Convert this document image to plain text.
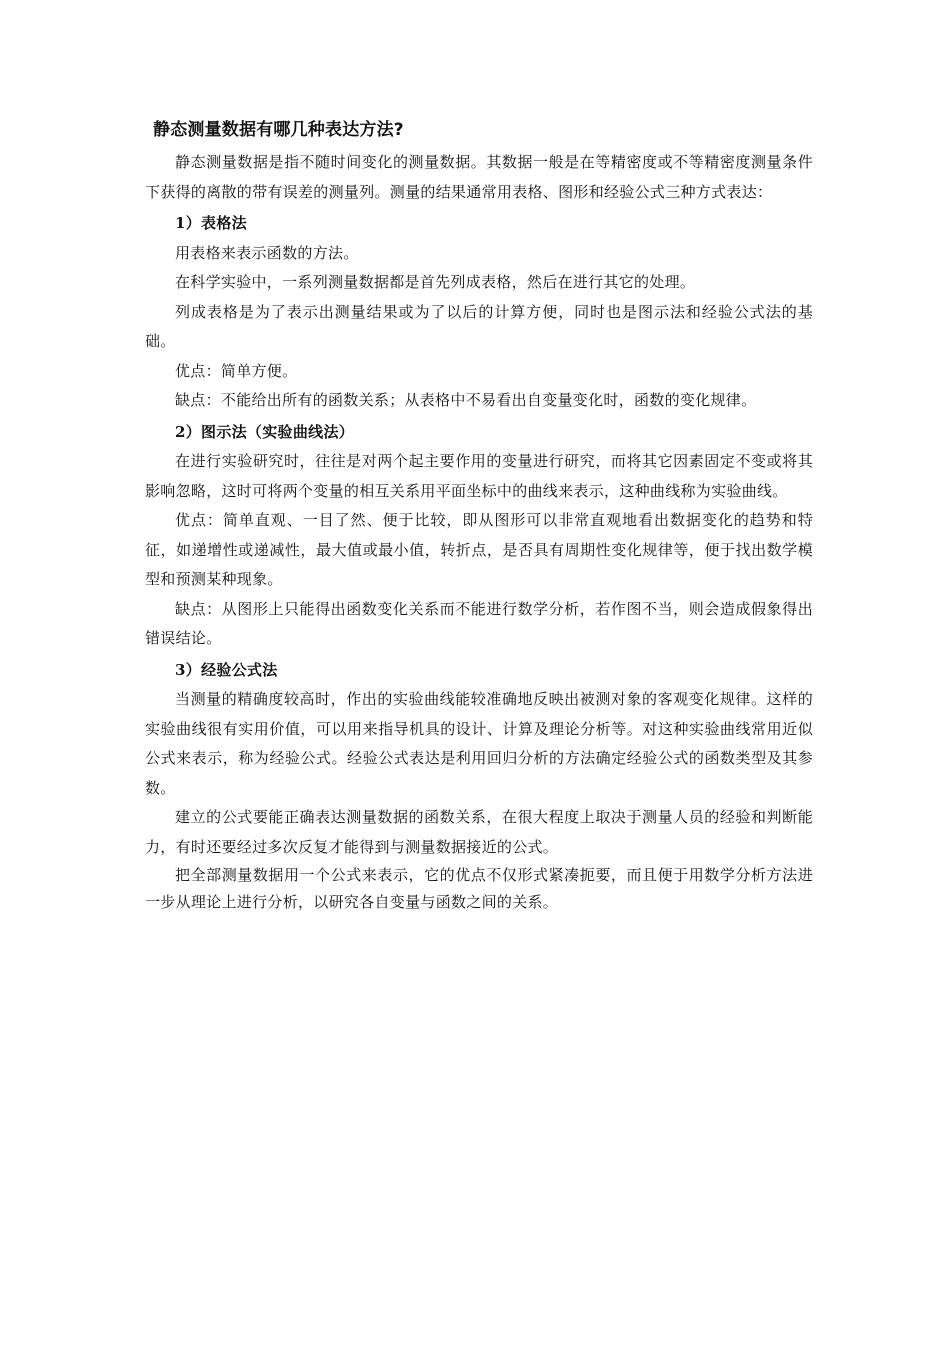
静态测量数据有哪几种表达方法?

静态测量数据是指不随时间变化的测量数据。其数据一般是在等精密度或不等精密度测量条件下获得的离散的带有误差的测量列。测量的结果通常用表格、图形和经验公式三种方式表达：

1）表格法

用表格来表示函数的方法。

在科学实验中，一系列测量数据都是首先列成表格，然后在进行其它的处理。

列成表格是为了表示出测量结果或为了以后的计算方便，同时也是图示法和经验公式法的基础。

优点：简单方便。

缺点：不能给出所有的函数关系；从表格中不易看出自变量变化时，函数的变化规律。

2）图示法（实验曲线法）

在进行实验研究时，往往是对两个起主要作用的变量进行研究，而将其它因素固定不变或将其影响忽略，这时可将两个变量的相互关系用平面坐标中的曲线来表示，这种曲线称为实验曲线。

优点：简单直观、一目了然、便于比较，即从图形可以非常直观地看出数据变化的趋势和特征，如递增性或递减性，最大值或最小值，转折点，是否具有周期性变化规律等，便于找出数学模型和预测某种现象。

缺点：从图形上只能得出函数变化关系而不能进行数学分析，若作图不当，则会造成假象得出错误结论。

3）经验公式法

当测量的精确度较高时，作出的实验曲线能较准确地反映出被测对象的客观变化规律。这样的实验曲线很有实用价值，可以用来指导机具的设计、计算及理论分析等。对这种实验曲线常用近似公式来表示，称为经验公式。经验公式表达是利用回归分析的方法确定经验公式的函数类型及其参数。

建立的公式要能正确表达测量数据的函数关系，在很大程度上取决于测量人员的经验和判断能力，有时还要经过多次反复才能得到与测量数据接近的公式。

把全部测量数据用一个公式来表示，它的优点不仅形式紧凑扼要，而且便于用数学分析方法进一步从理论上进行分析，以研究各自变量与函数之间的关系。
